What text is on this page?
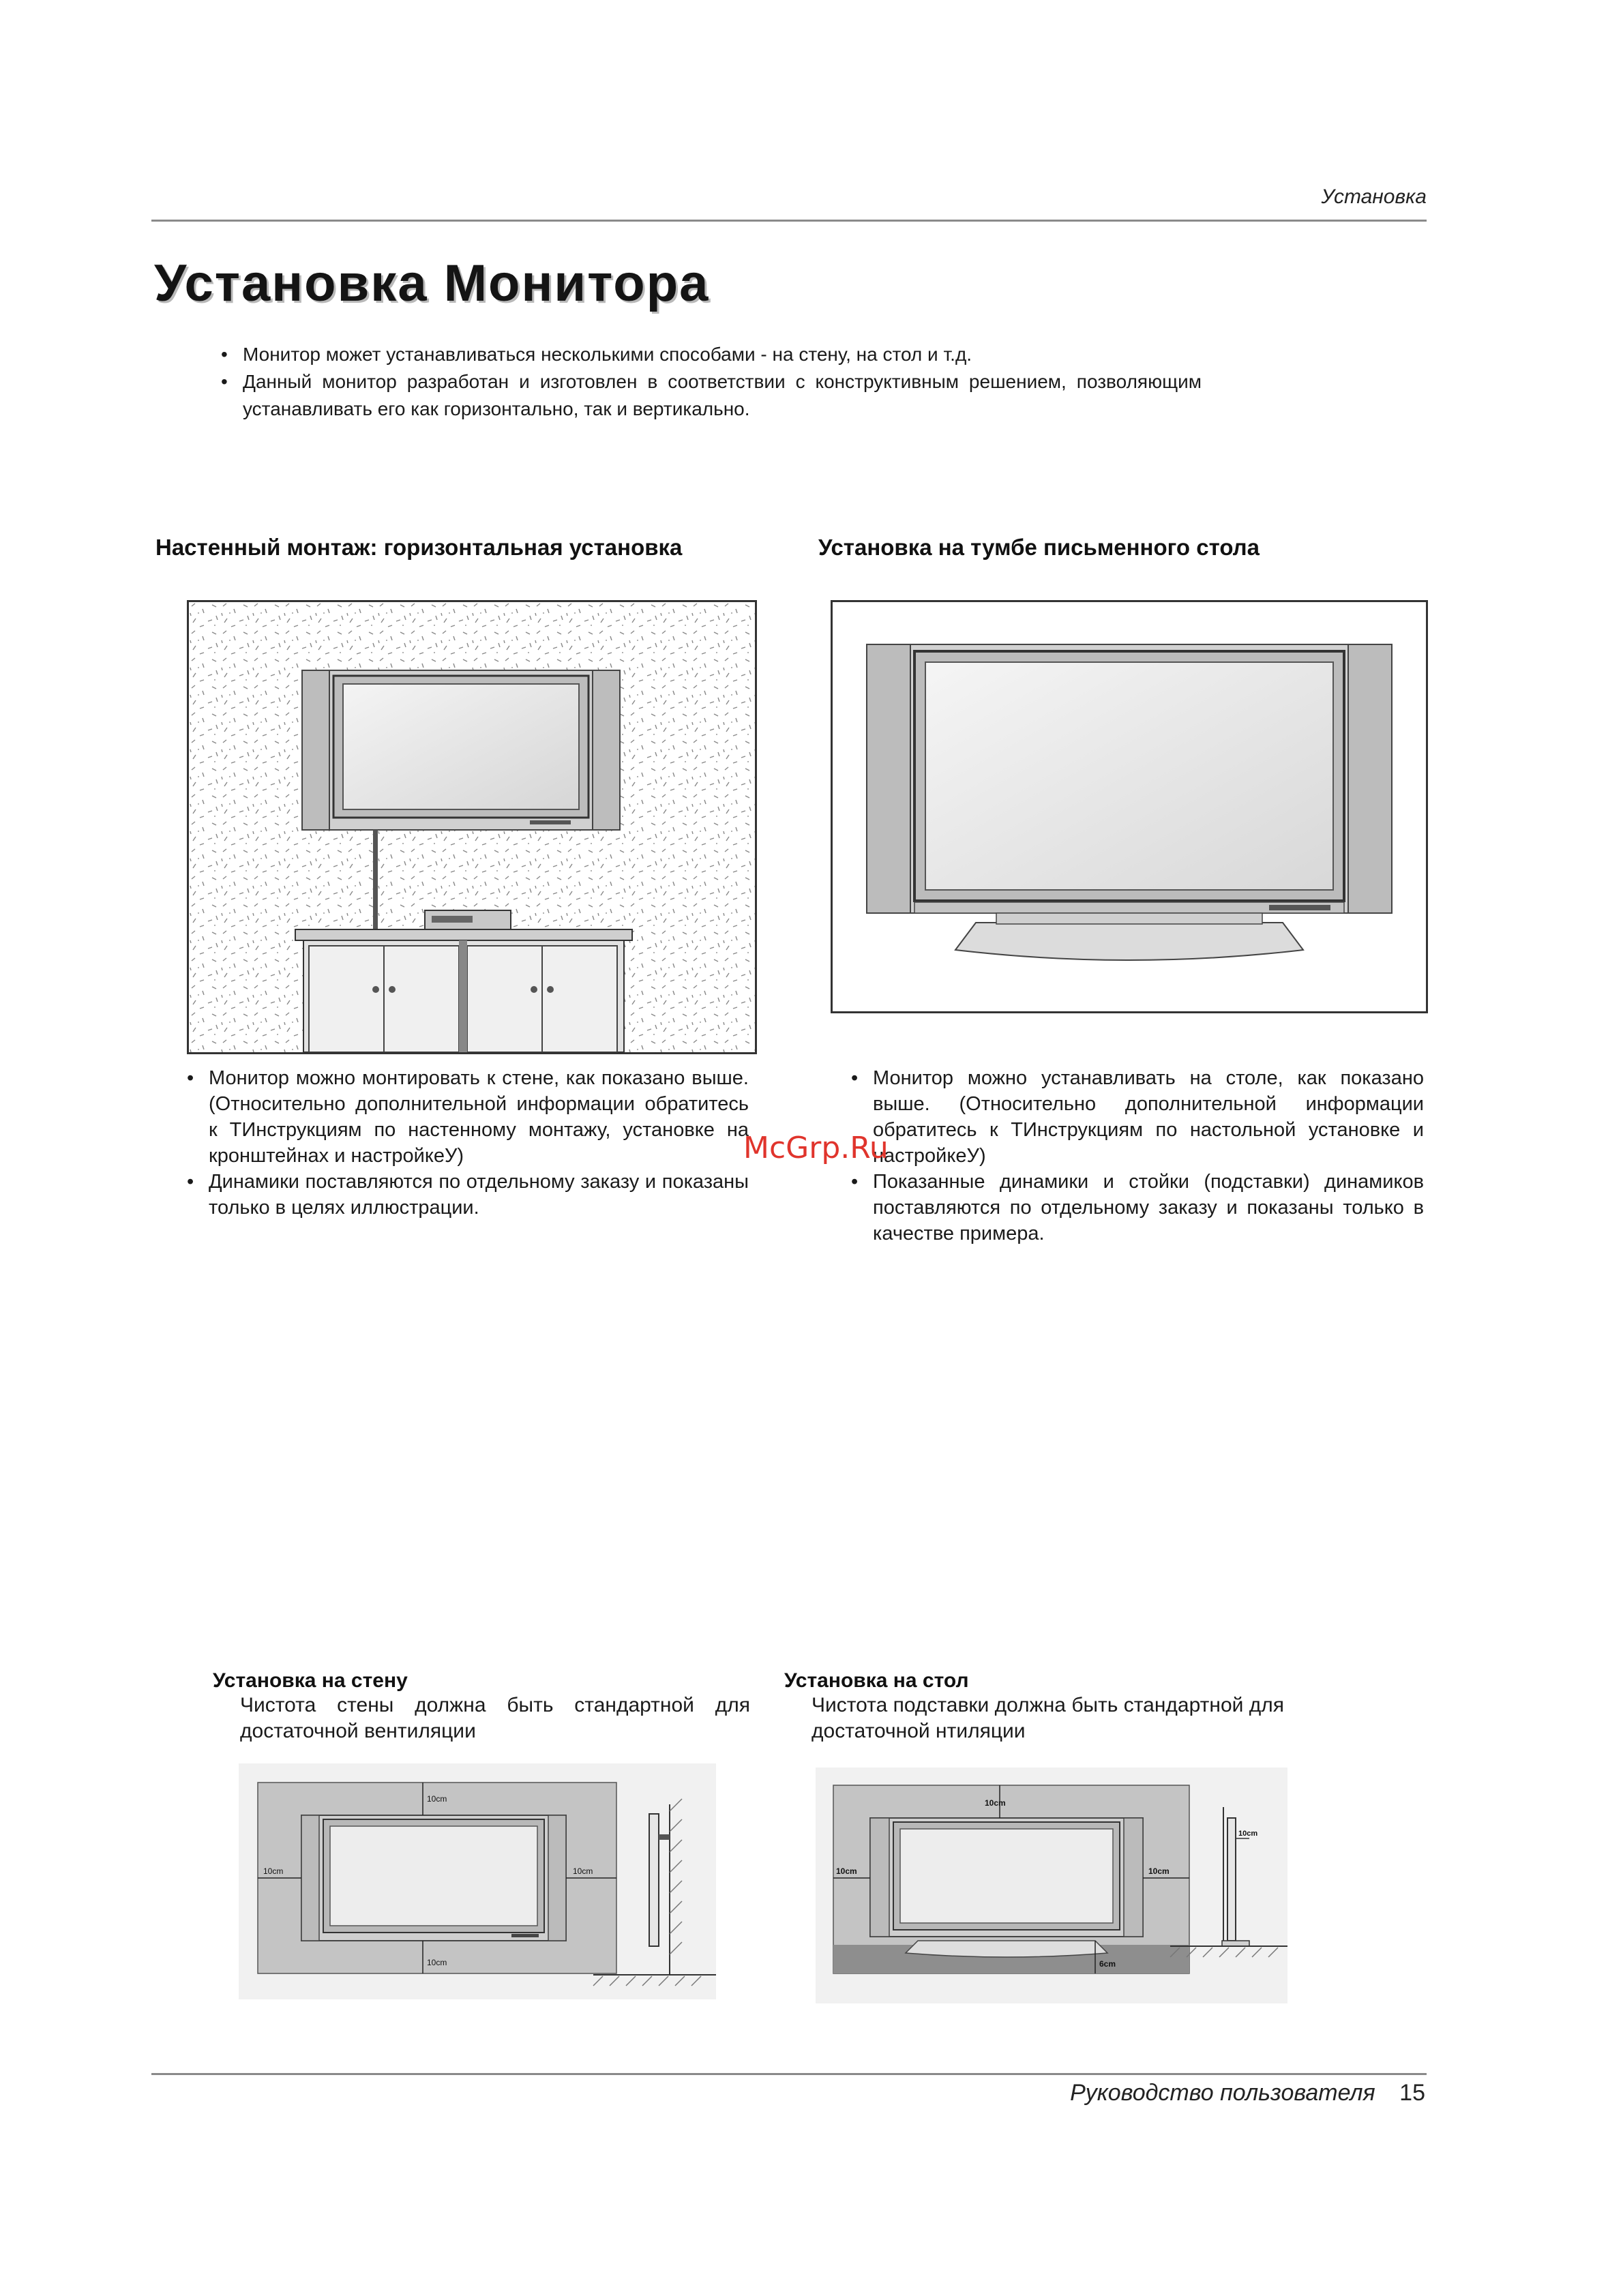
Установка
Установка Монитора
• Монитор может устанавливаться несколькими способами - на стену, на стол и т.д.
• Данный монитор разработан и изготовлен в соответствии с конструктивным решением, позволяющим устанавливать его как горизонтально, так и вертикально.
Настенный монтаж: горизонтальная установка	Установка на тумбе письменного стола
• Монитор можно монтировать к стене, как показано выше. (Относительно дополнительной информации обратитесь к ТИнструкциям по настенному монтажу, установке на кронштейнах и настройкеУ)
• Динамики поставляются по отдельному заказу и показаны только в целях иллюстрации.
• Монитор можно устанавливать на столе, как показано выше. (Относительно дополнительной информации обратитесь к ТИнструкциям по настольной установке и настройкеУ)
• Показанные динамики и стойки (подставки) динамиков поставляются по отдельному заказу и показаны только в качестве примера.
McGrp.Ru
Установка на стену
Чистота стены должна быть стандартной для достаточной вентиляции
Установка на стол
Чистота подставки должна быть стандартной для достаточной нтиляции
10cm
10cm
10cm	10cm
10cm
10cm	10cm
6cm
10cm
Руководство пользователя 15
